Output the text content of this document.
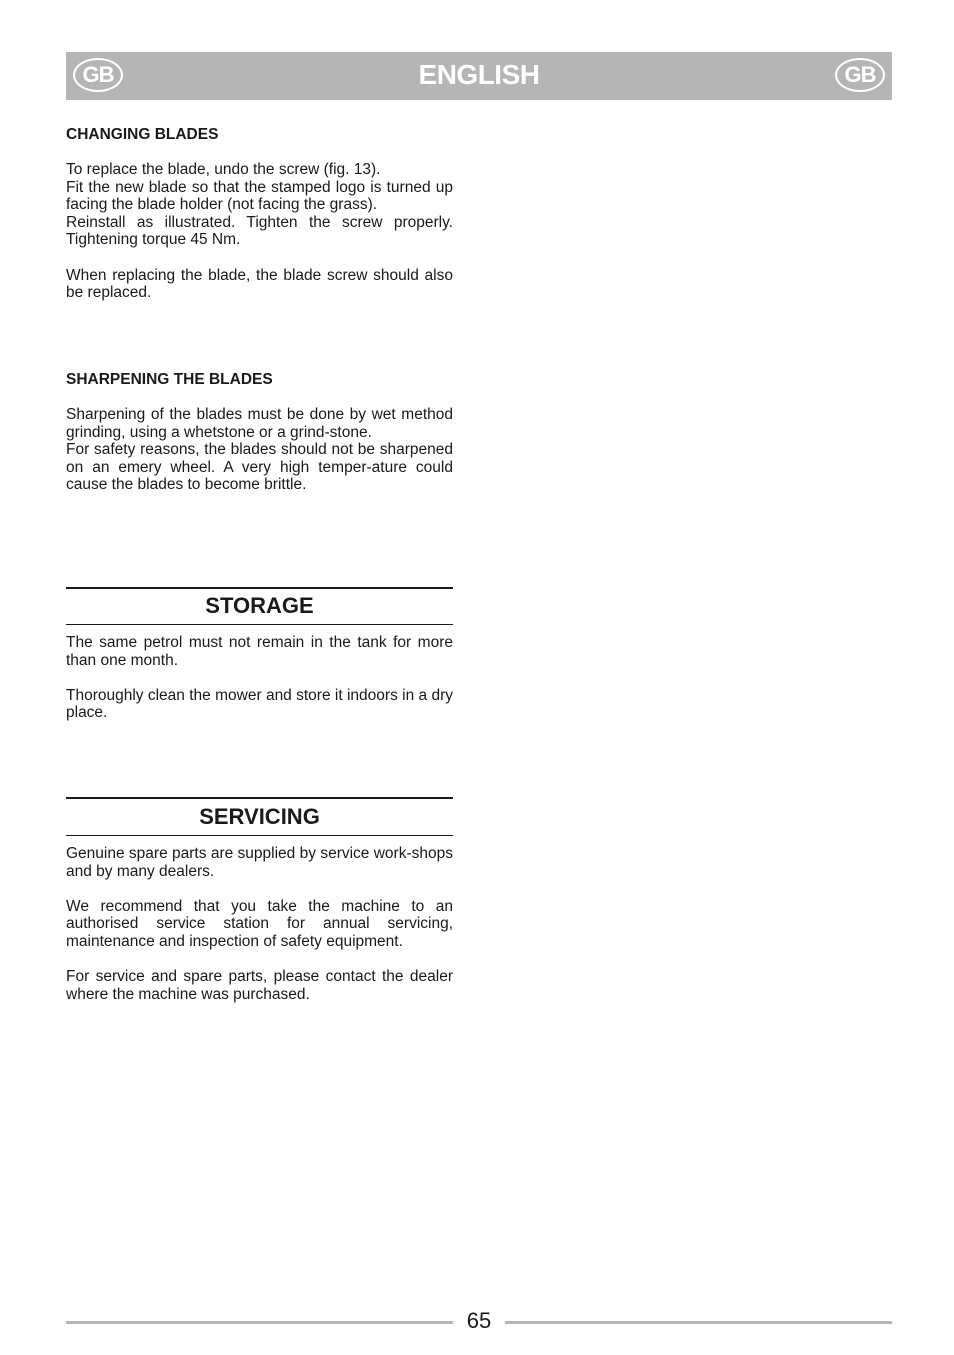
GB	ENGLISH	GB

CHANGING BLADES

To replace the blade, undo the screw (fig. 13).

Fit the new blade so that the stamped logo is turned up facing the blade holder (not facing the grass).

Reinstall as illustrated. Tighten the screw properly. Tightening torque 45 Nm.

When replacing the blade, the blade screw should also be replaced.

SHARPENING THE BLADES

Sharpening of the blades must be done by wet method grinding, using a whetstone or a grind-stone.

For safety reasons, the blades should not be sharpened on an emery wheel. A very high temper-ature could cause the blades to become brittle.

STORAGE

The same petrol must not remain in the tank for more than one month.

Thoroughly clean the mower and store it indoors in a dry place.

SERVICING

Genuine spare parts are supplied by service work-shops and by many dealers.

We recommend that you take the machine to an authorised service station for annual servicing, maintenance and inspection of safety equipment.

For service and spare parts, please contact the dealer where the machine was purchased.

65
